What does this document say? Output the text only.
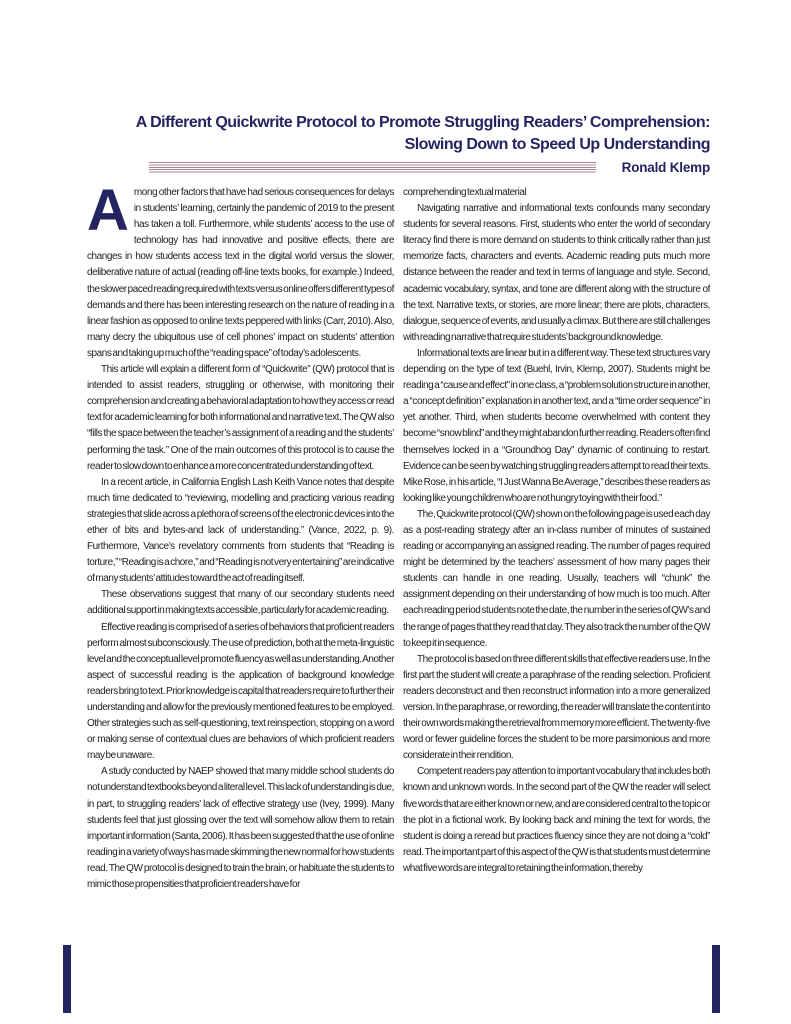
A Different Quickwrite Protocol to Promote Struggling Readers’ Comprehension:
Slowing Down to Speed Up Understanding
Ronald Klemp

Among other factors that have had serious consequences for delays in students’ learning, certainly the pandemic of 2019 to the present has taken a toll. Furthermore, while students’ access to the use of technology has had innovative and positive effects, there are changes in how students access text in the digital world versus the slower, deliberative nature of actual (reading off-line texts books, for example.) Indeed, the slower paced reading required with texts versus online offers different types of demands and there has been interesting research on the nature of reading in a linear fashion as opposed to online texts peppered with links (Carr, 2010). Also, many decry the ubiquitous use of cell phones’ impact on students’ attention spans and taking up much of the “reading space” of today’s adolescents.

This article will explain a different form of “Quickwrite” (QW) protocol that is intended to assist readers, struggling or otherwise, with monitoring their comprehension and creating a behavioral adaptation to how they access or read text for academic learning for both informational and narrative text. The QW also “fills the space between the teacher’s assignment of a reading and the students’ performing the task.” One of the main outcomes of this protocol is to cause the reader to slow down to enhance a more concentrated understanding of text.

In a recent article, in California English Lash Keith Vance notes that despite much time dedicated to “reviewing, modelling and practicing various reading strategies that slide across a plethora of screens of the electronic devices into the ether of bits and bytes-and lack of understanding.” (Vance, 2022, p. 9). Furthermore, Vance’s revelatory comments from students that “Reading is torture,” “Reading is a chore,” and “Reading is not very entertaining” are indicative of many students’ attitudes toward the act of reading itself.

These observations suggest that many of our secondary students need additional support in making texts accessible, particularly for academic reading.

Effective reading is comprised of a series of behaviors that proficient readers perform almost subconsciously. The use of prediction, both at the meta-linguistic level and the conceptual level promote fluency as well as understanding. Another aspect of successful reading is the application of background knowledge readers bring to text. Prior knowledge is capital that readers require to further their understanding and allow for the previously mentioned features to be employed. Other strategies such as self-questioning, text reinspection, stopping on a word or making sense of contextual clues are behaviors of which proficient readers may be unaware.

A study conducted by NAEP showed that many middle school students do not understand textbooks beyond a literal level. This lack of understanding is due, in part, to struggling readers’ lack of effective strategy use (Ivey, 1999). Many students feel that just glossing over the text will somehow allow them to retain important information (Santa, 2006). It has been suggested that the use of online reading in a variety of ways has made skimming the new normal for how students read. The QW protocol is designed to train the brain, or habituate the students to mimic those propensities that proficient readers have for

comprehending textual material

Navigating narrative and informational texts confounds many secondary students for several reasons. First, students who enter the world of secondary literacy find there is more demand on students to think critically rather than just memorize facts, characters and events. Academic reading puts much more distance between the reader and text in terms of language and style. Second, academic vocabulary, syntax, and tone are different along with the structure of the text. Narrative texts, or stories, are more linear; there are plots, characters, dialogue, sequence of events, and usually a climax. But there are still challenges with reading narrative that require students’ background knowledge.

Informational texts are linear but in a different way. These text structures vary depending on the type of text (Buehl, Irvin, Klemp, 2007). Students might be reading a “cause and effect” in one class, a “problem solution structure in another, a “concept definition” explanation in another text, and a “time order sequence” in yet another. Third, when students become overwhelmed with content they become “snow blind” and they might abandon further reading. Readers often find themselves locked in a “Groundhog Day” dynamic of continuing to restart. Evidence can be seen by watching struggling readers attempt to read their texts. Mike Rose, in his article, “I Just Wanna Be Average,” describes these readers as looking like young children who are not hungry toying with their food.”

The, Quickwrite protocol (QW) shown on the following page is used each day as a post-reading strategy after an in-class number of minutes of sustained reading or accompanying an assigned reading. The number of pages required might be determined by the teachers’ assessment of how many pages their students can handle in one reading. Usually, teachers will “chunk” the assignment depending on their understanding of how much is too much. After each reading period students note the date, the number in the series of QW’s and the range of pages that they read that day. They also track the number of the QW to keep it in sequence.

The protocol is based on three different skills that effective readers use. In the first part the student will create a paraphrase of the reading selection. Proficient readers deconstruct and then reconstruct information into a more generalized version. In the paraphrase, or rewording, the reader will translate the content into their own words making the retrieval from memory more efficient. The twenty-five word or fewer guideline forces the student to be more parsimonious and more considerate in their rendition.

Competent readers pay attention to important vocabulary that includes both known and unknown words. In the second part of the QW the reader will select five words that are either known or new, and are considered central to the topic or the plot in a fictional work. By looking back and mining the text for words, the student is doing a reread but practices fluency since they are not doing a “cold” read. The important part of this aspect of the QW is that students must determine what five words are integral to retaining the information, thereby
